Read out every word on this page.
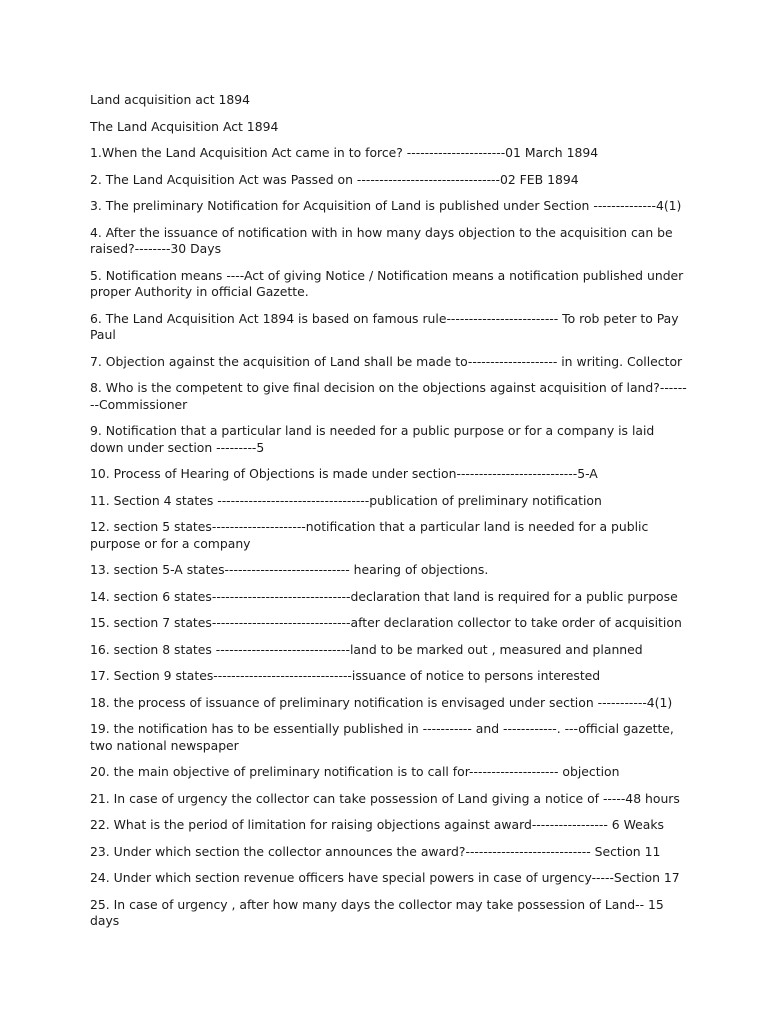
Land acquisition act 1894
The Land Acquisition Act 1894
1.When the Land Acquisition Act came in to force? ----------------------01 March 1894
2. The Land Acquisition Act was Passed on --------------------------------02 FEB 1894
3. The preliminary Notification for Acquisition of Land is published under Section --------------4(1)
4. After the issuance of notification with in how many days objection to the acquisition can be raised?--------30 Days
5. Notification means ----Act of giving Notice / Notification means a notification published under proper Authority in official Gazette.
6. The Land Acquisition Act 1894 is based on famous rule------------------------- To rob peter to Pay Paul
7. Objection against the acquisition of Land shall be made to-------------------- in writing. Collector
8. Who is the competent to give final decision on the objections against acquisition of land?--------Commissioner
9. Notification that a particular land is needed for a public purpose or for a company is laid down under section ---------5
10. Process of Hearing of Objections is made under section---------------------------5-A
11. Section 4 states ----------------------------------publication of preliminary notification
12. section 5 states---------------------notification that a particular land is needed for a public purpose or for a company
13. section 5-A states---------------------------- hearing of objections.
14. section 6 states-------------------------------declaration that land is required for a public purpose
15. section 7 states-------------------------------after declaration collector to take order of acquisition
16. section 8 states ------------------------------land to be marked out , measured and planned
17. Section 9 states-------------------------------issuance of notice to persons interested
18. the process of issuance of preliminary notification is envisaged under section -----------4(1)
19. the notification has to be essentially published in ----------- and ------------. ---official gazette, two national newspaper
20. the main objective of preliminary notification is to call for-------------------- objection
21. In case of urgency the collector can take possession of Land giving a notice of -----48 hours
22. What is the period of limitation for raising objections against award----------------- 6 Weaks
23. Under which section the collector announces the award?---------------------------- Section 11
24. Under which section revenue officers have special powers in case of urgency-----Section 17
25. In case of urgency , after how many days the collector may take possession of Land-- 15 days
